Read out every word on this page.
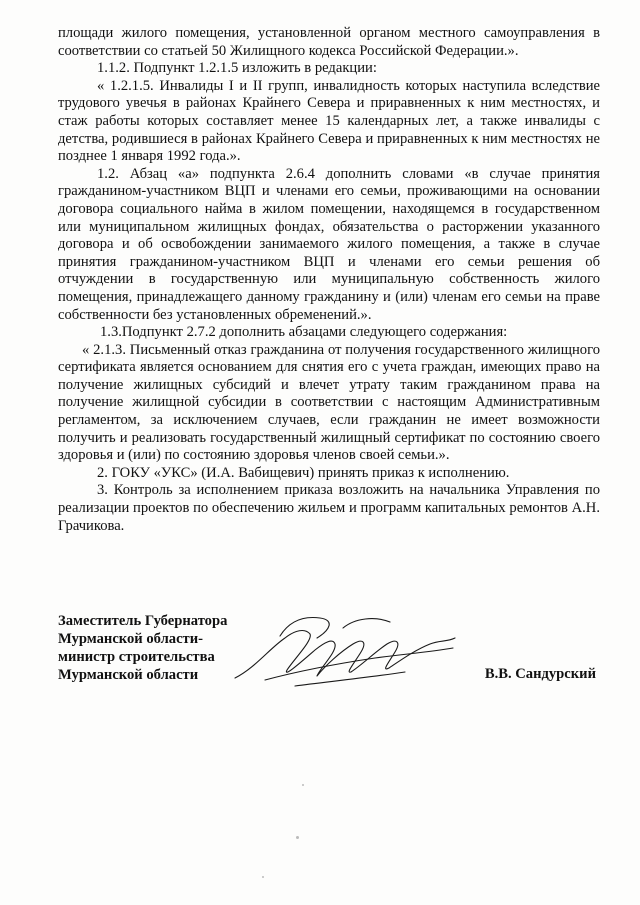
площади жилого помещения, установленной органом местного самоуправления в соответствии со статьей 50 Жилищного кодекса Российской Федерации.».

1.1.2. Подпункт 1.2.1.5 изложить в редакции:

« 1.2.1.5. Инвалиды I и II групп, инвалидность которых наступила вследствие трудового увечья в районах Крайнего Севера и приравненных к ним местностях, и стаж работы которых составляет менее 15 календарных лет, а также инвалиды с детства, родившиеся в районах Крайнего Севера и приравненных к ним местностях не позднее 1 января 1992 года.».

1.2. Абзац «а» подпункта 2.6.4 дополнить словами «в случае принятия гражданином-участником ВЦП и членами его семьи, проживающими на основании договора социального найма в жилом помещении, находящемся в государственном или муниципальном жилищных фондах, обязательства о расторжении указанного договора и об освобождении занимаемого жилого помещения, а также в случае принятия гражданином-участником ВЦП и членами его семьи решения об отчуждении в государственную или муниципальную собственность жилого помещения, принадлежащего данному гражданину и (или) членам его семьи на праве собственности без установленных обременений.».

1.3.Подпункт 2.7.2 дополнить абзацами следующего содержания:

« 2.1.3. Письменный отказ гражданина от получения государственного жилищного сертификата является основанием для снятия его с учета граждан, имеющих право на получение жилищных субсидий и влечет утрату таким гражданином права на получение жилищной субсидии в соответствии с настоящим Административным регламентом, за исключением случаев, если гражданин не имеет возможности получить и реализовать государственный жилищный сертификат по состоянию своего здоровья и (или) по состоянию здоровья членов своей семьи.».

2. ГОКУ «УКС» (И.А. Вабищевич) принять приказ к исполнению.

3. Контроль за исполнением приказа возложить на начальника Управления по реализации проектов по обеспечению жильем и программ капитальных ремонтов А.Н. Грачикова.

Заместитель Губернатора
Мурманской области-
министр строительства
Мурманской области	В.В. Сандурский
